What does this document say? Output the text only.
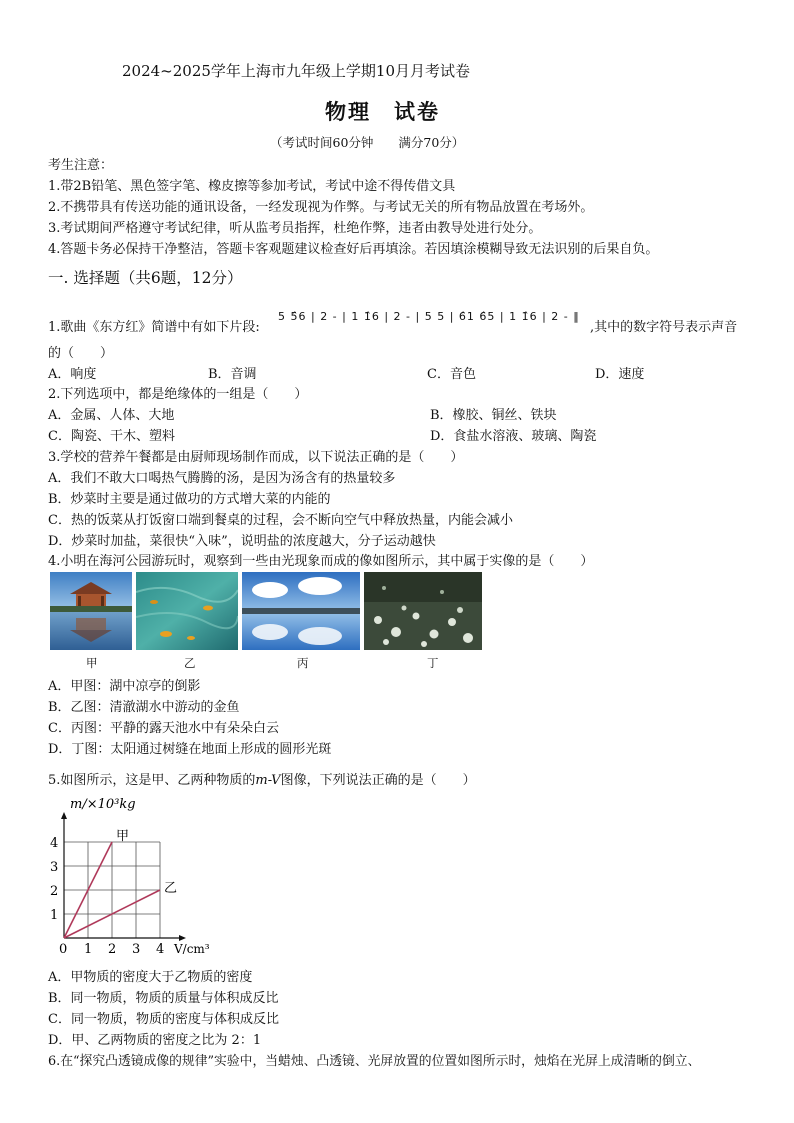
2024~2025学年上海市九年级上学期10月月考试卷
物理　试卷
（考试时间60分钟　　满分70分）
考生注意：
1.带2B铅笔、黑色签字笔、橡皮擦等参加考试，考试中途不得传借文具
2.不携带具有传送功能的通讯设备，一经发现视为作弊。与考试无关的所有物品放置在考场外。
3.考试期间严格遵守考试纪律，听从监考员指挥，杜绝作弊，违者由教导处进行处分。
4.答题卡务必保持干净整洁，答题卡客观题建议检查好后再填涂。若因填涂模糊导致无法识别的后果自负。
一. 选择题（共6题，12分）
1.歌曲《东方红》简谱中有如下片段:
5 5̂6 | 2 - | 1 1̂6 | 2 - | 5 5 | 6̂1 6̂5 | 1 1̂6 | 2 - ‖
,其中的数字符号表示声音
的（　　）
A．响度	B．音调	C．音色	D．速度
2.下列选项中，都是绝缘体的一组是（　　）
A．金属、人体、大地	B．橡胶、铜丝、铁块
C．陶瓷、干木、塑料	D．食盐水溶液、玻璃、陶瓷
3.学校的营养午餐都是由厨师现场制作而成，以下说法正确的是（　　）
A．我们不敢大口喝热气腾腾的汤，是因为汤含有的热量较多
B．炒菜时主要是通过做功的方式增大菜的内能的
C．热的饭菜从打饭窗口端到餐桌的过程，会不断向空气中释放热量，内能会减小
D．炒菜时加盐，菜很快“入味”，说明盐的浓度越大，分子运动越快
4.小明在海河公园游玩时，观察到一些由光现象而成的像如图所示，其中属于实像的是（　　）
甲	乙	丙	丁
A．甲图：湖中凉亭的倒影
B．乙图：清澈湖水中游动的金鱼
C．丙图：平静的露天池水中有朵朵白云
D．丁图：太阳通过树缝在地面上形成的圆形光斑
5.如图所示，这是甲、乙两种物质的m-V图像，下列说法正确的是（　　）
甲
乙
0 1 2 3 4
1
2
3
4
m/×10³kg
V/cm³
A．甲物质的密度大于乙物质的密度
B．同一物质，物质的质量与体积成反比
C．同一物质，物质的密度与体积成反比
D．甲、乙两物质的密度之比为 2：1
6.在“探究凸透镜成像的规律”实验中，当蜡烛、凸透镜、光屏放置的位置如图所示时，烛焰在光屏上成清晰的倒立、
